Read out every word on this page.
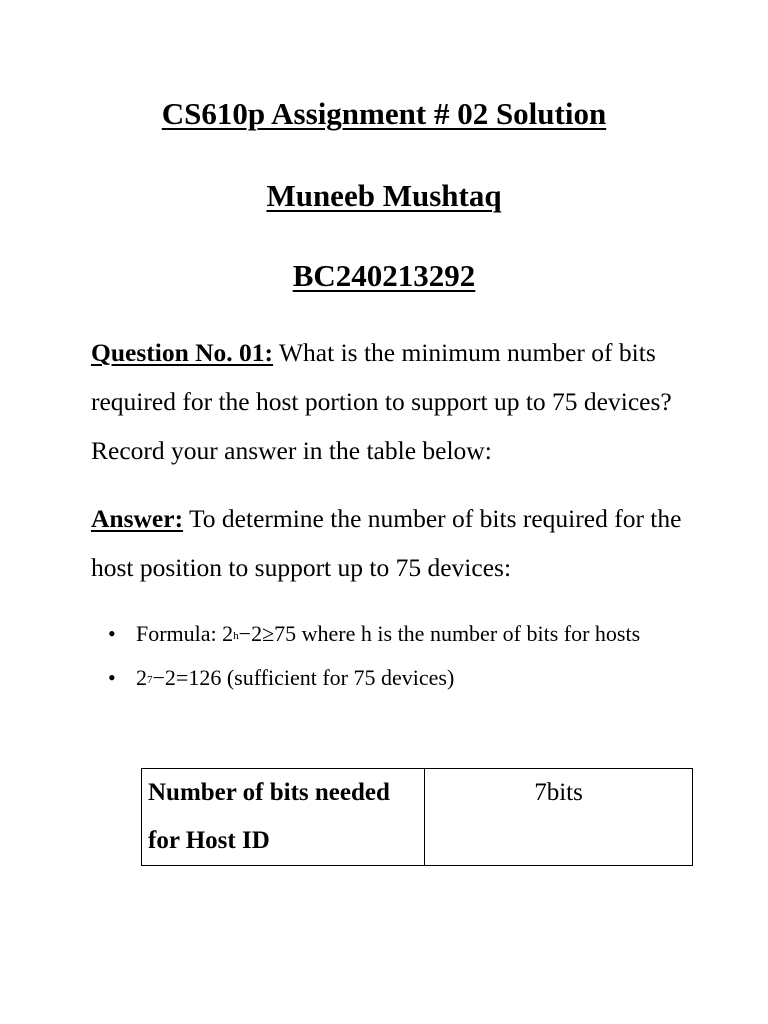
CS610p Assignment # 02 Solution
Muneeb Mushtaq
BC240213292

Question No. 01: What is the minimum number of bits required for the host portion to support up to 75 devices? Record your answer in the table below:

Answer: To determine the number of bits required for the host position to support up to 75 devices:

• Formula: $2^h-2\ge 75$ where h is the number of bits for hosts
• $2^7-2=126$ (sufficient for 75 devices)
Number of bits needed for Host ID	7bits
